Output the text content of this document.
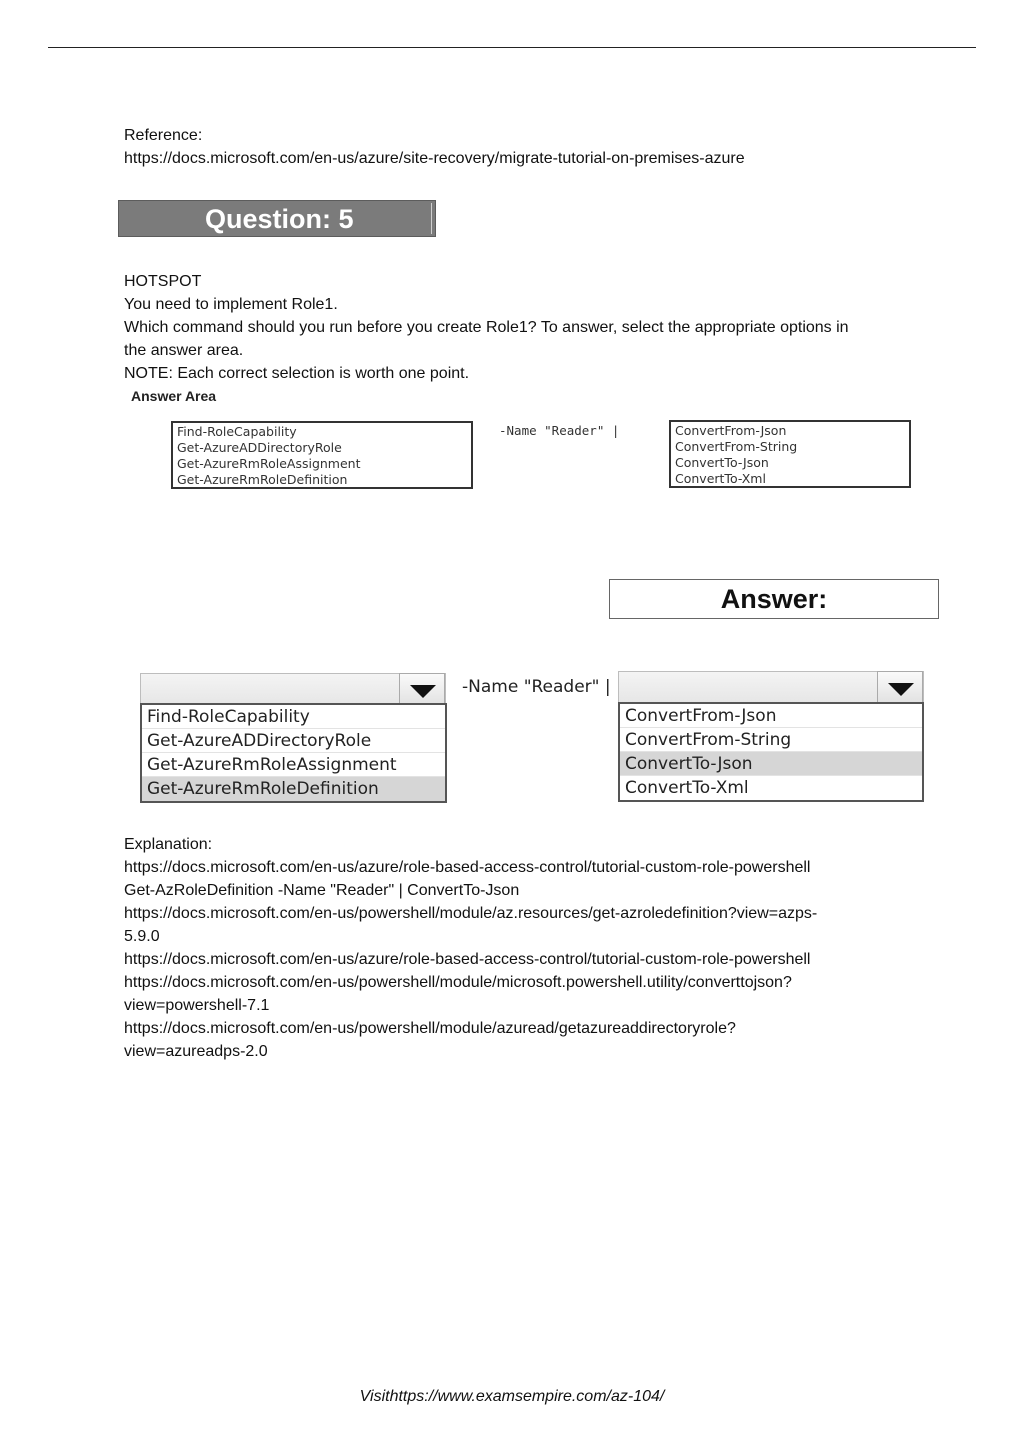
Reference:
https://docs.microsoft.com/en-us/azure/site-recovery/migrate-tutorial-on-premises-azure
Question: 5
HOTSPOT
You need to implement Role1.
Which command should you run before you create Role1? To answer, select the appropriate options in
the answer area.
NOTE: Each correct selection is worth one point.
Answer Area
Find-RoleCapability
Get-AzureADDirectoryRole
Get-AzureRmRoleAssignment
Get-AzureRmRoleDefinition
-Name "Reader" |	ConvertFrom-Json
ConvertFrom-String
ConvertTo-Json
ConvertTo-Xml
Answer:
Find-RoleCapability
Get-AzureADDirectoryRole
Get-AzureRmRoleAssignment
Get-AzureRmRoleDefinition
-Name "Reader" |
ConvertFrom-Json
ConvertFrom-String
ConvertTo-Json
ConvertTo-Xml
Explanation:
https://docs.microsoft.com/en-us/azure/role-based-access-control/tutorial-custom-role-powershell
Get-AzRoleDefinition -Name "Reader" | ConvertTo-Json
https://docs.microsoft.com/en-us/powershell/module/az.resources/get-azroledefinition?view=azps-
5.9.0
https://docs.microsoft.com/en-us/azure/role-based-access-control/tutorial-custom-role-powershell
https://docs.microsoft.com/en-us/powershell/module/microsoft.powershell.utility/converttojson?
view=powershell-7.1
https://docs.microsoft.com/en-us/powershell/module/azuread/getazureaddirectoryrole?
view=azureadps-2.0
Visithttps://www.examsempire.com/az-104/
